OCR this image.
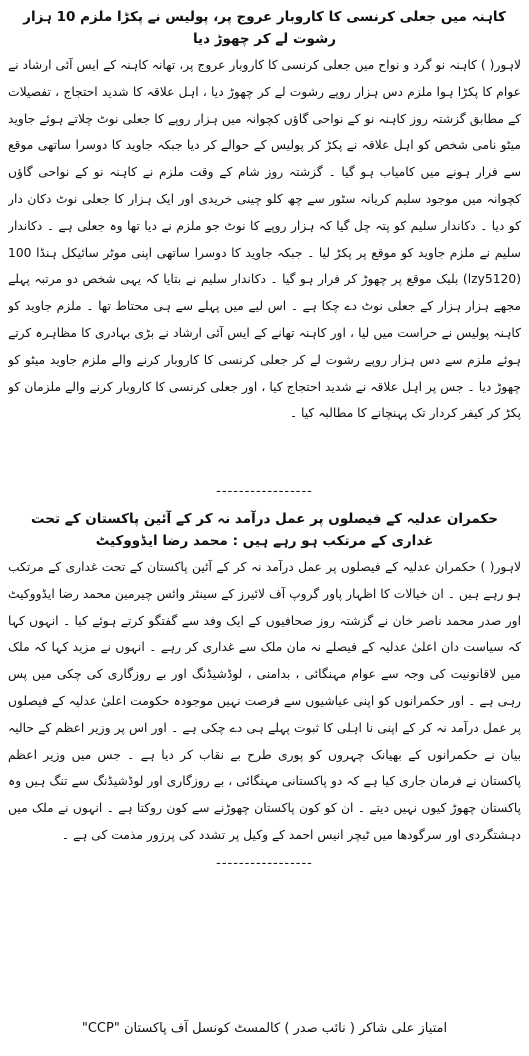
کاہنہ میں جعلی کرنسی کا کاروبار عروج پر، پولیس نے پکڑا ملزم 10 ہزار رشوت لے کر چھوڑ دیا

لاہور( ) کاہنہ نو گرد و نواح میں جعلی کرنسی کا کاروبار عروج پر، تھانہ کاہنہ کے ایس آئی ارشاد نے عوام کا پکڑا ہوا ملزم دس ہزار روپے رشوت لے کر چھوڑ دیا ، اہل علاقہ کا شدید احتجاج ، تفصیلات کے مطابق گزشتہ روز کاہنہ نو کے نواحی گاؤں کچوانہ میں ہزار روپے کا جعلی نوٹ چلاتے ہوئے جاوید میٹو نامی شخص کو اہل علاقہ نے پکڑ کر پولیس کے حوالے کر دیا جبکہ جاوید کا دوسرا ساتھی موقع سے فرار ہونے میں کامیاب ہو گیا ۔ گزشتہ روز شام کے وقت ملزم نے کاہنہ نو کے نواحی گاؤں کچوانہ میں موجود سلیم کریانہ سٹور سے چھ کلو چینی خریدی اور ایک ہزار کا جعلی نوٹ دکان دار کو دیا ۔ دکاندار سلیم کو پتہ چل گیا کہ ہزار روپے کا نوٹ جو ملزم نے دیا تھا وہ جعلی ہے ۔ دکاندار سلیم نے ملزم جاوید کو موقع پر پکڑ لیا ۔ جبکہ جاوید کا دوسرا ساتھی اپنی موٹر سائیکل ہنڈا 100 (lzy5120) بلیک موقع پر چھوڑ کر فرار ہو گیا ۔ دکاندار سلیم نے بتایا کہ یہی شخص دو مرتبہ پہلے مجھے ہزار ہزار کے جعلی نوٹ دے چکا ہے ۔ اس لیے میں پہلے سے ہی محتاط تھا ۔ ملزم جاوید کو کاہنہ پولیس نے حراست میں لیا ، اور کاہنہ تھانے کے ایس آئی ارشاد نے بڑی بہادری کا مظاہرہ کرتے ہوئے ملزم سے دس ہزار روپے رشوت لے کر جعلی کرنسی کا کاروبار کرنے والے ملزم جاوید میٹو کو چھوڑ دیا ۔ جس پر اہل علاقہ نے شدید احتجاج کیا ، اور جعلی کرنسی کا کاروبار کرنے والے ملزمان کو پکڑ کر کیفر کردار تک پہنچانے کا مطالبہ کیا ۔

-----------------
حکمران عدلیہ کے فیصلوں پر عمل درآمد نہ کر کے آئین پاکستان کے تحت غداری کے مرتکب ہو رہے ہیں : محمد رضا ایڈووکیٹ

لاہور( ) حکمران عدلیہ کے فیصلوں پر عمل درآمد نہ کر کے آئین پاکستان کے تحت غداری کے مرتکب ہو رہے ہیں ۔ ان خیالات کا اظہار پاور گروپ آف لائیرز کے سینئر وائس چیرمین محمد رضا ایڈووکیٹ اور صدر محمد ناصر خان نے گزشتہ روز صحافیوں کے ایک وفد سے گفتگو کرتے ہوئے کیا ۔ انہوں کہا کہ سیاست دان اعلیٰ عدلیہ کے فیصلے نہ مان ملک سے غداری کر رہے ۔ انہوں نے مزید کہا کہ ملک میں لاقانونیت کی وجہ سے عوام مہنگائی ، بدامنی ، لوڈشیڈنگ اور بے روزگاری کی چکی میں پس رہی ہے ۔ اور حکمرانوں کو اپنی عیاشیوں سے فرصت نہیں موجودہ حکومت اعلیٰ عدلیہ کے فیصلوں پر عمل درآمد نہ کر کے اپنی نا اہلی کا ثبوت پہلے ہی دے چکی ہے ۔ اور اس پر وزیر اعظم کے حالیہ بیان نے حکمرانوں کے بھیانک چہروں کو پوری طرح بے نقاب کر دیا ہے ۔ جس میں وزیر اعظم پاکستان نے فرمان جاری کیا ہے کہ دو پاکستانی مہنگائی ، بے روزگاری اور لوڈشیڈنگ سے تنگ ہیں وہ پاکستان چھوڑ کیوں نہیں دیتے ۔ ان کو کون پاکستان چھوڑنے سے کون روکتا ہے ۔ انہوں نے ملک میں دہشتگردی اور سرگودھا میں ٹیچر انیس احمد کے وکیل پر تشدد کی پرزور مذمت کی ہے ۔

-----------------
امتیاز علی شاکر ( نائب صدر ) کالمسٹ کونسل آف پاکستان "CCP"
